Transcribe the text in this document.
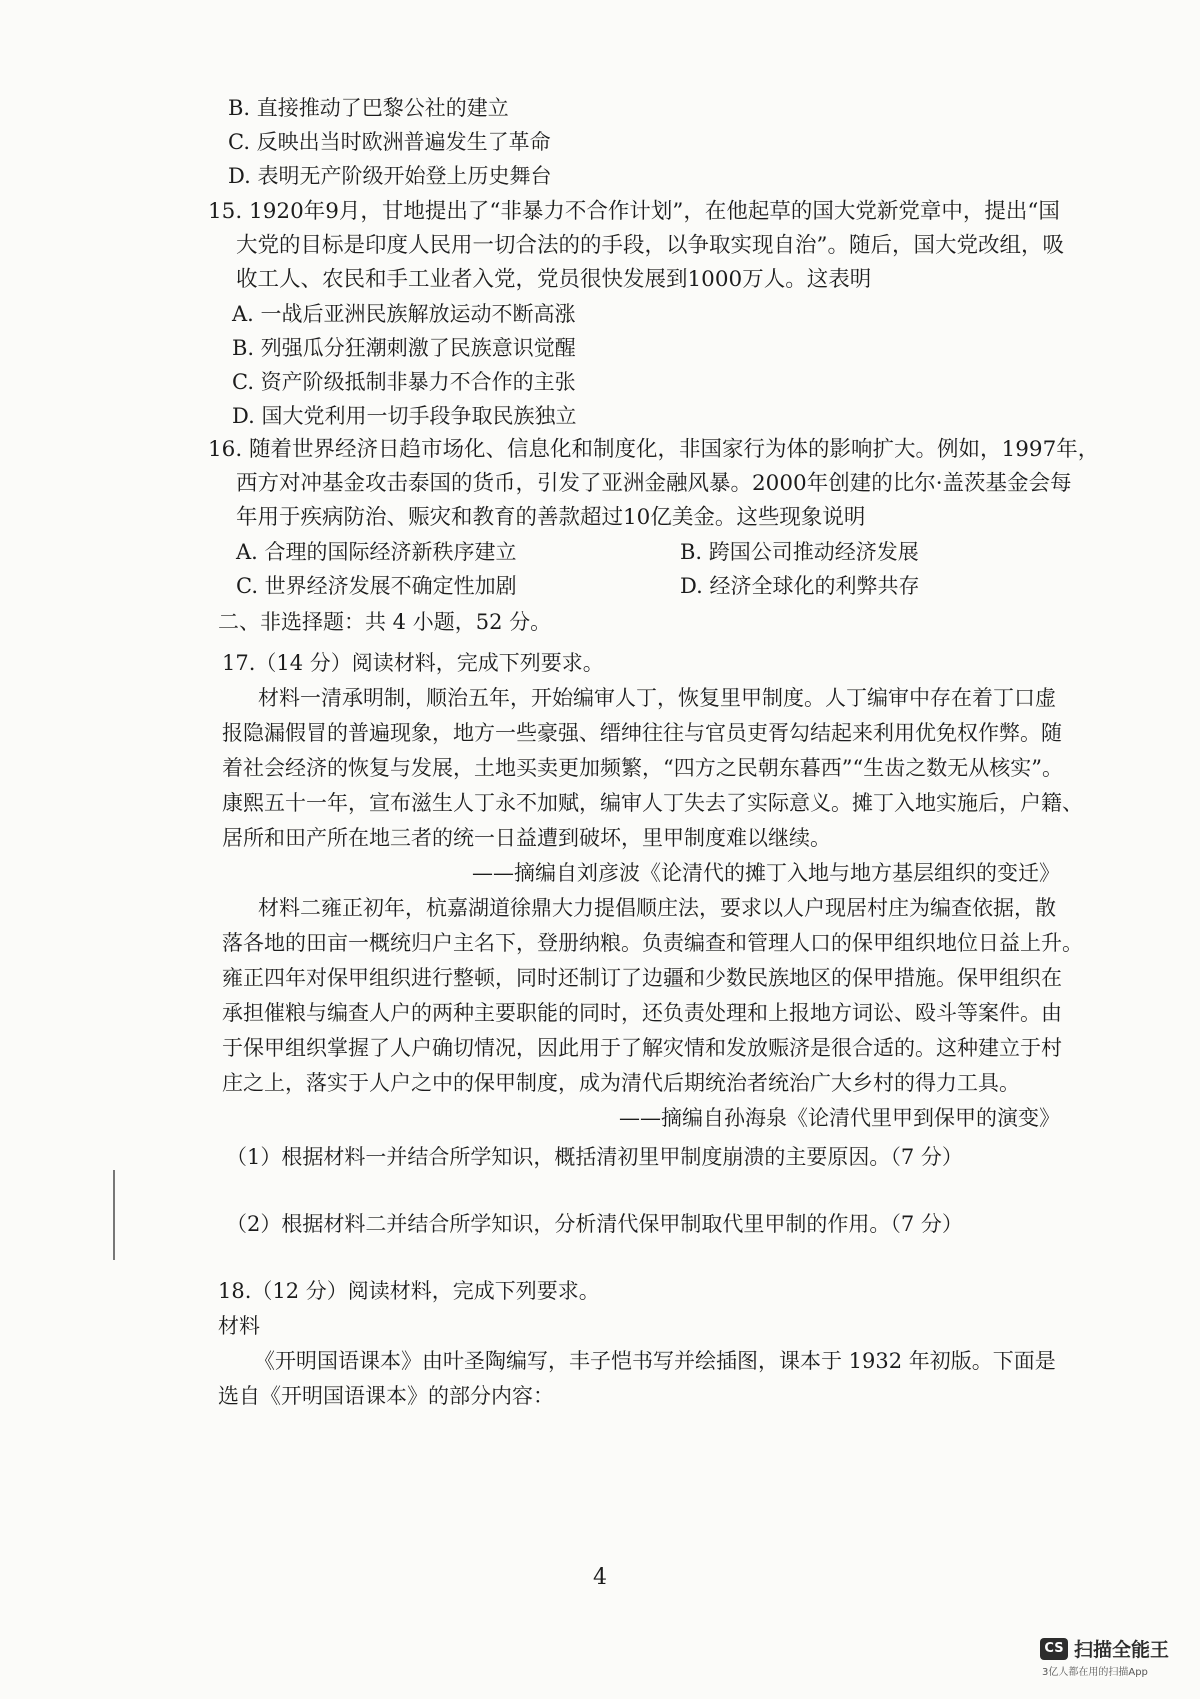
B. 直接推动了巴黎公社的建立
C. 反映出当时欧洲普遍发生了革命
D. 表明无产阶级开始登上历史舞台
15. 1920年9月，甘地提出了“非暴力不合作计划”，在他起草的国大党新党章中，提出“国
大党的目标是印度人民用一切合法的的手段，以争取实现自治”。随后，国大党改组，吸
收工人、农民和手工业者入党，党员很快发展到1000万人。这表明
A. 一战后亚洲民族解放运动不断高涨
B. 列强瓜分狂潮刺激了民族意识觉醒
C. 资产阶级抵制非暴力不合作的主张
D. 国大党利用一切手段争取民族独立
16. 随着世界经济日趋市场化、信息化和制度化，非国家行为体的影响扩大。例如，1997年，
西方对冲基金攻击泰国的货币，引发了亚洲金融风暴。2000年创建的比尔·盖茨基金会每
年用于疾病防治、赈灾和教育的善款超过10亿美金。这些现象说明
A. 合理的国际经济新秩序建立	B. 跨国公司推动经济发展
C. 世界经济发展不确定性加剧	D. 经济全球化的利弊共存
二、非选择题：共 4 小题，52 分。
17.（14 分）阅读材料，完成下列要求。
材料一清承明制，顺治五年，开始编审人丁，恢复里甲制度。人丁编审中存在着丁口虚
报隐漏假冒的普遍现象，地方一些豪强、缙绅往往与官员吏胥勾结起来利用优免权作弊。随
着社会经济的恢复与发展，土地买卖更加频繁，“四方之民朝东暮西”“生齿之数无从核实”。
康熙五十一年，宣布滋生人丁永不加赋，编审人丁失去了实际意义。摊丁入地实施后，户籍、
居所和田产所在地三者的统一日益遭到破坏，里甲制度难以继续。
——摘编自刘彦波《论清代的摊丁入地与地方基层组织的变迁》
材料二雍正初年，杭嘉湖道徐鼎大力提倡顺庄法，要求以人户现居村庄为编查依据，散
落各地的田亩一概统归户主名下，登册纳粮。负责编查和管理人口的保甲组织地位日益上升。
雍正四年对保甲组织进行整顿，同时还制订了边疆和少数民族地区的保甲措施。保甲组织在
承担催粮与编查人户的两种主要职能的同时，还负责处理和上报地方词讼、殴斗等案件。由
于保甲组织掌握了人户确切情况，因此用于了解灾情和发放赈济是很合适的。这种建立于村
庄之上，落实于人户之中的保甲制度，成为清代后期统治者统治广大乡村的得力工具。
——摘编自孙海泉《论清代里甲到保甲的演变》
（1）根据材料一并结合所学知识，概括清初里甲制度崩溃的主要原因。（7 分）
（2）根据材料二并结合所学知识，分析清代保甲制取代里甲制的作用。（7 分）
18.（12 分）阅读材料，完成下列要求。
材料
《开明国语课本》由叶圣陶编写，丰子恺书写并绘插图，课本于 1932 年初版。下面是
选自《开明国语课本》的部分内容：
4
CS 扫描全能王
3亿人都在用的扫描App
